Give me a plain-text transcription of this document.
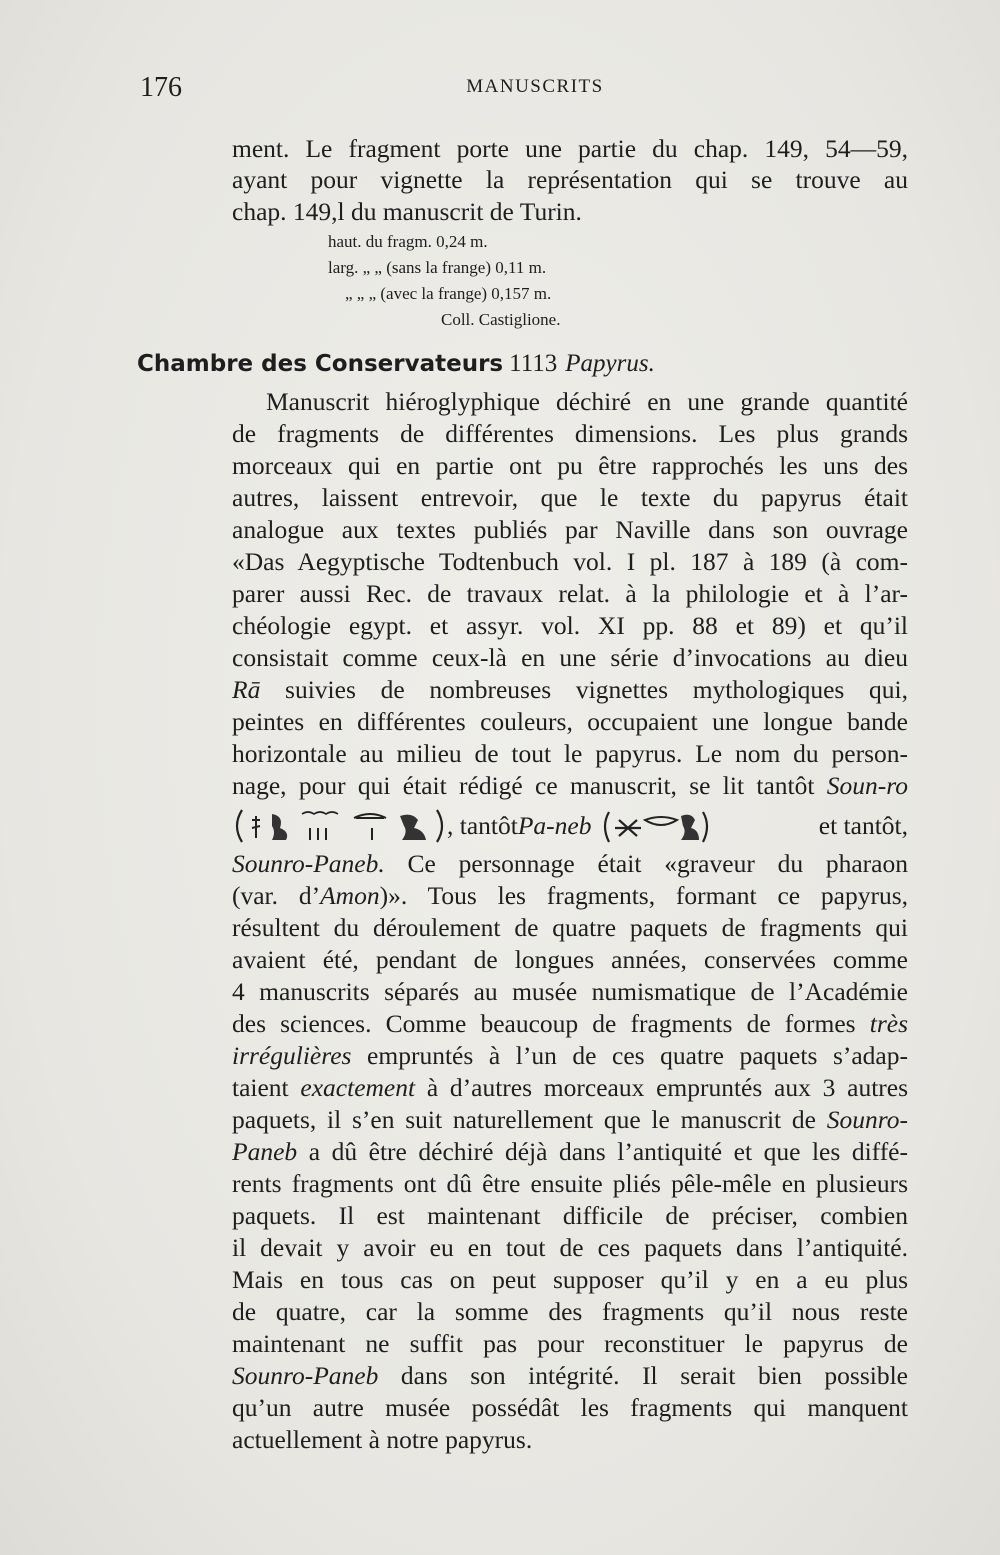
176	MANUSCRITS
ment. Le fragment porte une partie du chap. 149, 54—59,
ayant pour vignette la représentation qui se trouve au
chap. 149,l du manuscrit de Turin.
haut. du fragm. 0,24 m.
larg. „ „ (sans la frange) 0,11 m.
„ „ „ (avec la frange) 0,157 m.
Coll. Castiglione.
Chambre des Conservateurs 1113 Papyrus.
Manuscrit hiéroglyphique déchiré en une grande quantité
de fragments de différentes dimensions. Les plus grands
morceaux qui en partie ont pu être rapprochés les uns des
autres, laissent entrevoir, que le texte du papyrus était
analogue aux textes publiés par Naville dans son ouvrage
«Das Aegyptische Todtenbuch vol. I pl. 187 à 189 (à com-
parer aussi Rec. de travaux relat. à la philologie et à l’ar-
chéologie egypt. et assyr. vol. XI pp. 88 et 89) et qu’il
consistait comme ceux-là en une série d’invocations au dieu
Rā suivies de nombreuses vignettes mythologiques qui,
peintes en différentes couleurs, occupaient une longue bande
horizontale au milieu de tout le papyrus. Le nom du person-
nage, pour qui était rédigé ce manuscrit, se lit tantôt Soun-ro
, tantôt Pa-neb	et tantôt,
Sounro-Paneb. Ce personnage était «graveur du pharaon
(var. d’Amon)». Tous les fragments, formant ce papyrus,
résultent du déroulement de quatre paquets de fragments qui
avaient été, pendant de longues années, conservées comme
4 manuscrits séparés au musée numismatique de l’Académie
des sciences. Comme beaucoup de fragments de formes très
irrégulières empruntés à l’un de ces quatre paquets s’adap-
taient exactement à d’autres morceaux empruntés aux 3 autres
paquets, il s’en suit naturellement que le manuscrit de Sounro-
Paneb a dû être déchiré déjà dans l’antiquité et que les diffé-
rents fragments ont dû être ensuite pliés pêle-mêle en plusieurs
paquets. Il est maintenant difficile de préciser, combien
il devait y avoir eu en tout de ces paquets dans l’antiquité.
Mais en tous cas on peut supposer qu’il y en a eu plus
de quatre, car la somme des fragments qu’il nous reste
maintenant ne suffit pas pour reconstituer le papyrus de
Sounro-Paneb dans son intégrité. Il serait bien possible
qu’un autre musée possédât les fragments qui manquent
actuellement à notre papyrus.
